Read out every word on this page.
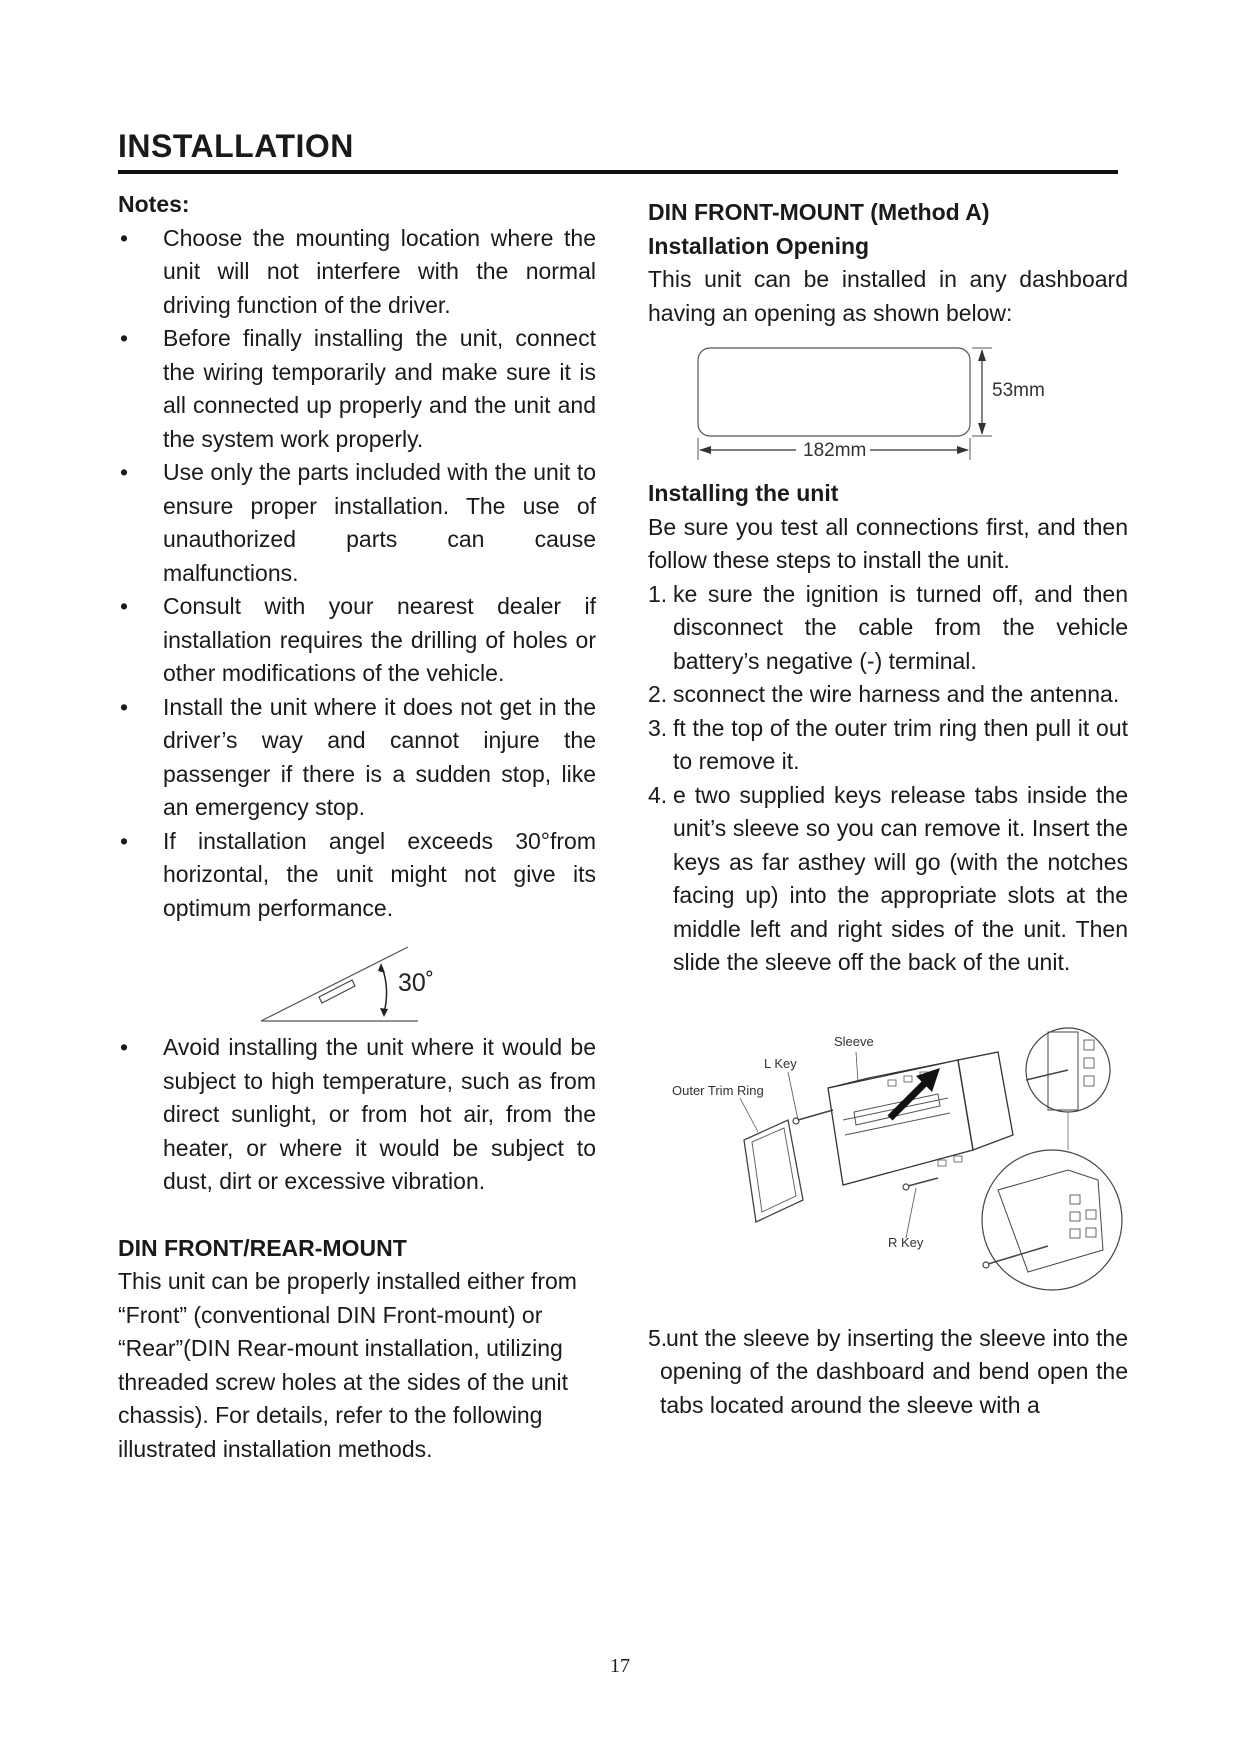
INSTALLATION
Notes:
• Choose the mounting location where the unit will not interfere with the normal driving function of the driver.
• Before finally installing the unit, connect the wiring temporarily and make sure it is all connected up properly and the unit and the system work properly.
• Use only the parts included with the unit to ensure proper installation. The use of unauthorized parts can cause malfunctions.
• Consult with your nearest dealer if installation requires the drilling of holes or other modifications of the vehicle.
• Install the unit where it does not get in the driver’s way and cannot injure the passenger if there is a sudden stop, like an emergency stop.
• If installation angel exceeds 30°from horizontal, the unit might not give its optimum performance.
30˚
• Avoid installing the unit where it would be subject to high temperature, such as from direct sunlight, or from hot air, from the heater, or where it would be subject to dust, dirt or excessive vibration.
DIN FRONT/REAR-MOUNT
This unit can be properly installed either from “Front” (conventional DIN Front-mount) or “Rear”(DIN Rear-mount installation, utilizing threaded screw holes at the sides of the unit chassis). For details, refer to the following illustrated installation methods.
DIN FRONT-MOUNT (Method A)
Installation Opening
This unit can be installed in any dashboard having an opening as shown below:
53mm
182mm
Installing the unit
Be sure you test all connections first, and then follow these steps to install the unit.
1. ke sure the ignition is turned off, and then disconnect the cable from the vehicle battery’s negative (-) terminal.
2. sconnect the wire harness and the antenna.
3. ft the top of the outer trim ring then pull it out to remove it.
4. e two supplied keys release tabs inside the unit’s sleeve so you can remove it. Insert the keys as far asthey will go (with the notches facing up) into the appropriate slots at the middle left and right sides of the unit. Then slide the sleeve off the back of the unit.
Sleeve
L Key
Outer Trim Ring
R Key
5.
unt the sleeve by inserting the sleeve into the opening of the dashboard and bend open the tabs located around the sleeve with a
17
